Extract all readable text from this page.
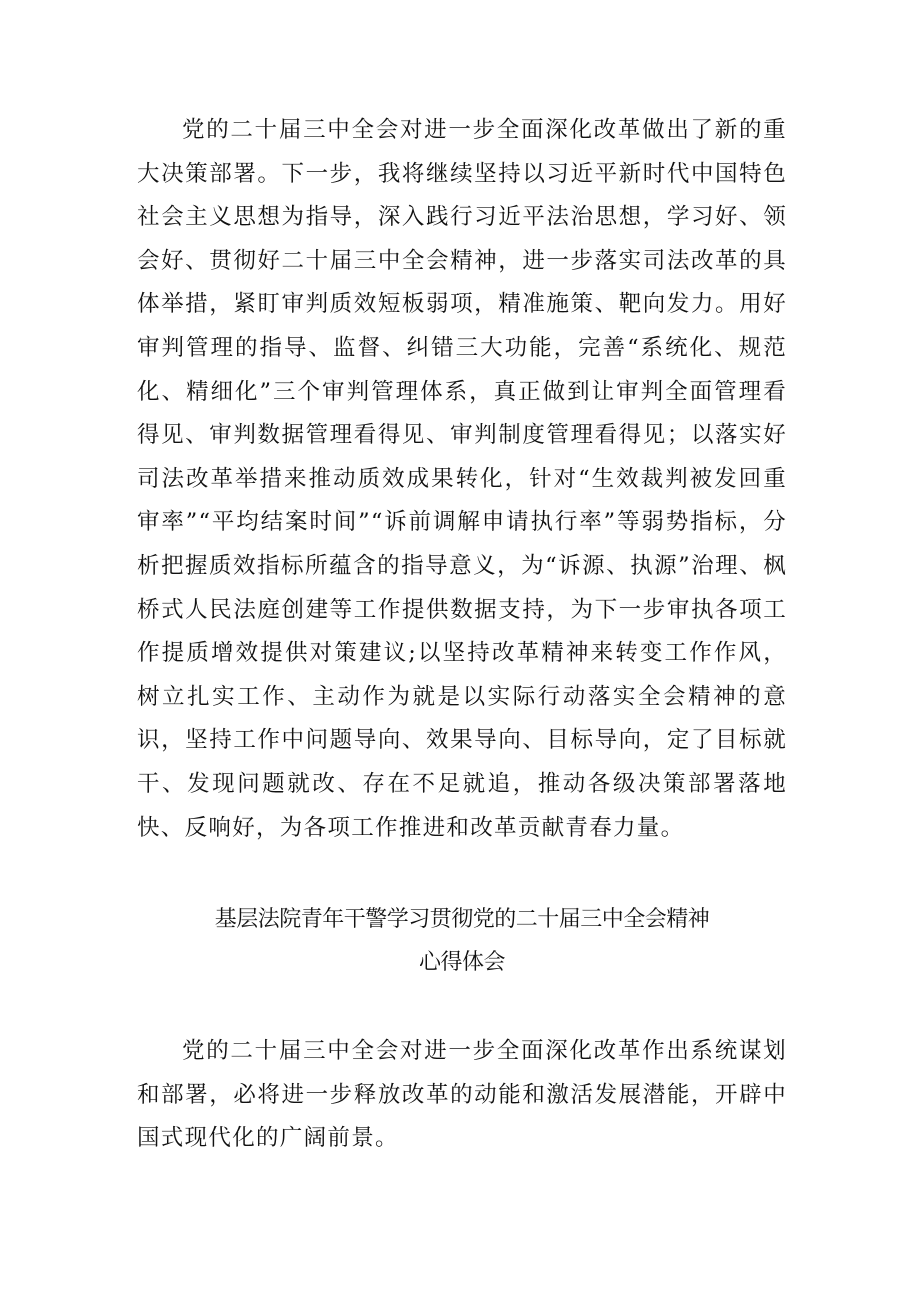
党的二十届三中全会对进一步全面深化改革做出了新的重大决策部署。下一步，我将继续坚持以习近平新时代中国特色社会主义思想为指导，深入践行习近平法治思想，学习好、领会好、贯彻好二十届三中全会精神，进一步落实司法改革的具体举措，紧盯审判质效短板弱项，精准施策、靶向发力。用好审判管理的指导、监督、纠错三大功能，完善“系统化、规范化、精细化”三个审判管理体系，真正做到让审判全面管理看得见、审判数据管理看得见、审判制度管理看得见；以落实好司法改革举措来推动质效成果转化，针对“生效裁判被发回重审率”“平均结案时间”“诉前调解申请执行率”等弱势指标，分析把握质效指标所蕴含的指导意义，为“诉源、执源”治理、枫桥式人民法庭创建等工作提供数据支持，为下一步审执各项工作提质增效提供对策建议;以坚持改革精神来转变工作作风，树立扎实工作、主动作为就是以实际行动落实全会精神的意识，坚持工作中问题导向、效果导向、目标导向，定了目标就干、发现问题就改、存在不足就追，推动各级决策部署落地快、反响好，为各项工作推进和改革贡献青春力量。

基层法院青年干警学习贯彻党的二十届三中全会精神
心得体会

党的二十届三中全会对进一步全面深化改革作出系统谋划和部署，必将进一步释放改革的动能和激活发展潜能，开辟中国式现代化的广阔前景。
